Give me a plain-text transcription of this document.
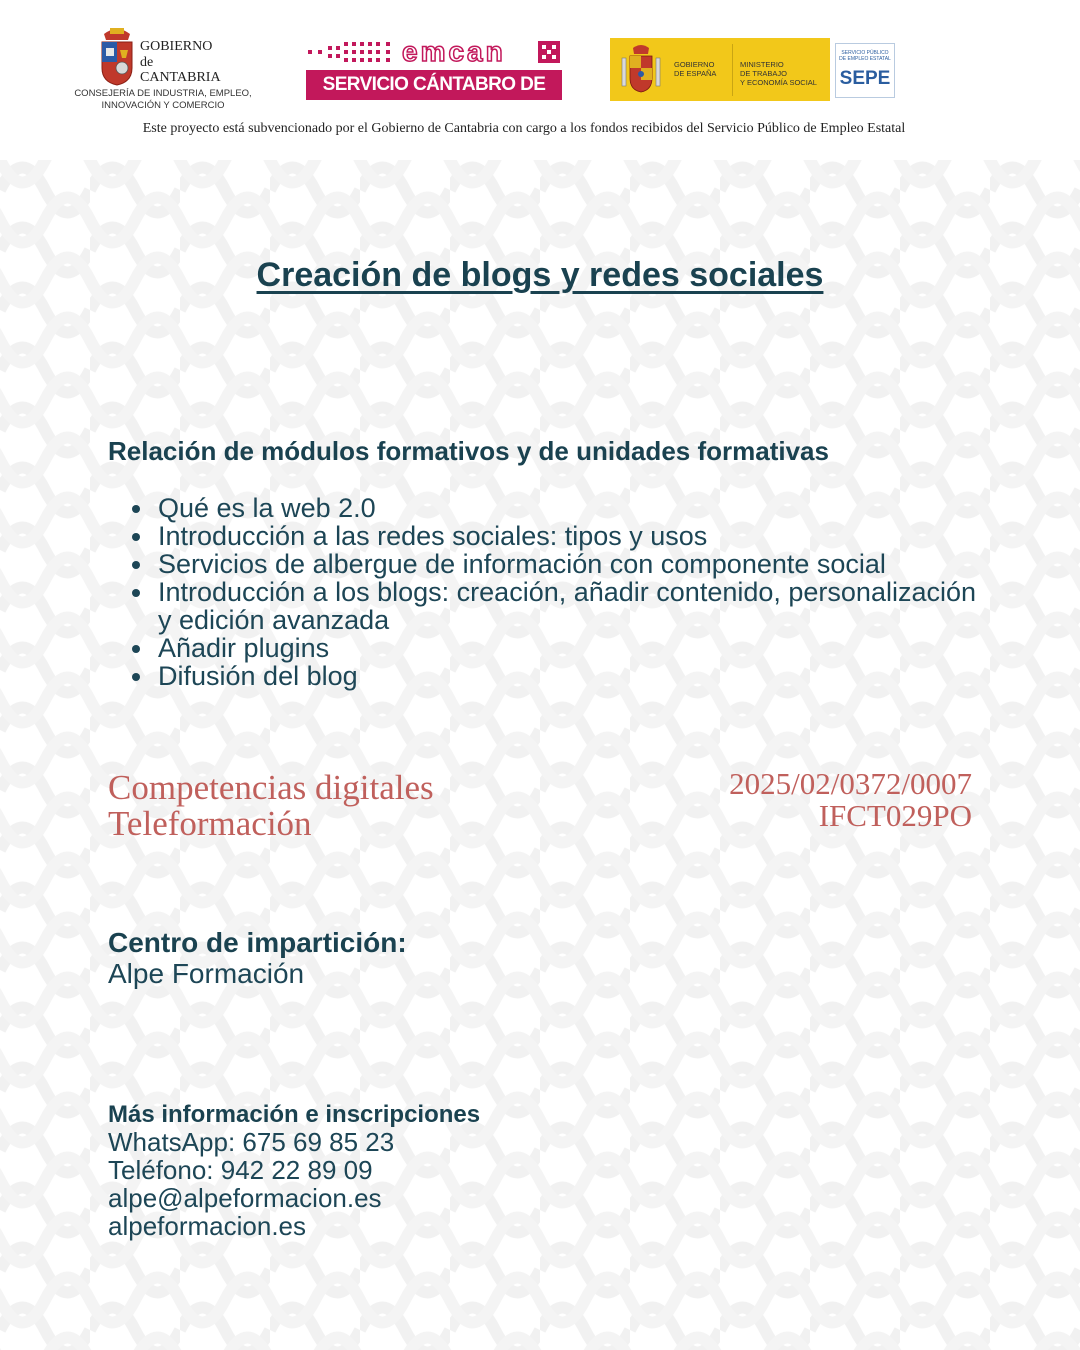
GOBIERNO
de
CANTABRIA
CONSEJERÍA DE INDUSTRIA, EMPLEO,
INNOVACIÓN Y COMERCIO
emcan
SERVICIO CÁNTABRO DE EMPLEO
GOBIERNO
DE ESPAÑA
MINISTERIO
DE TRABAJO
Y ECONOMÍA SOCIAL
SERVICIO PÚBLICO
DE EMPLEO ESTATAL
SEPE
Este proyecto está subvencionado por el Gobierno de Cantabria con cargo a los fondos recibidos del Servicio Público de Empleo Estatal
Creación de blogs y redes sociales
Relación de módulos formativos y de unidades formativas
Qué es la web 2.0
Introducción a las redes sociales: tipos y usos
Servicios de albergue de información con componente social
Introducción a los blogs: creación, añadir contenido, personalización y edición avanzada
Añadir plugins
Difusión del blog
Competencias digitales
Teleformación
2025/02/0372/0007
IFCT029PO
Centro de impartición:
Alpe Formación
Más información e inscripciones
WhatsApp: 675 69 85 23
Teléfono: 942 22 89 09
alpe@alpeformacion.es
alpeformacion.es
